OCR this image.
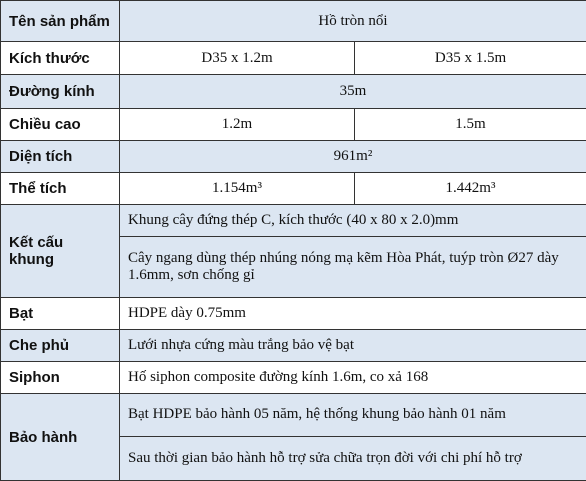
Tên sản phẩm	Hồ tròn nổi	
Kích thước	D35 x 1.2m	D35 x 1.5m
Đường kính	35m	
Chiều cao	1.2m	1.5m
Diện tích	961m²	
Thể tích	1.154m³	1.442m³
Kết cấu khung	Khung cây đứng thép C, kích thước (40 x 80 x 2.0)mm	
	Cây ngang dùng thép nhúng nóng mạ kẽm Hòa Phát, tuýp tròn Ø27 dày 1.6mm, sơn chống gỉ	
Bạt	HDPE dày 0.75mm	
Che phủ	Lưới nhựa cứng màu trắng bảo vệ bạt	
Siphon	Hố siphon composite đường kính 1.6m, co xả 168	
Bảo hành	Bạt HDPE bảo hành 05 năm, hệ thống khung bảo hành 01 năm	
	Sau thời gian bảo hành hỗ trợ sửa chữa trọn đời với chi phí hỗ trợ	
